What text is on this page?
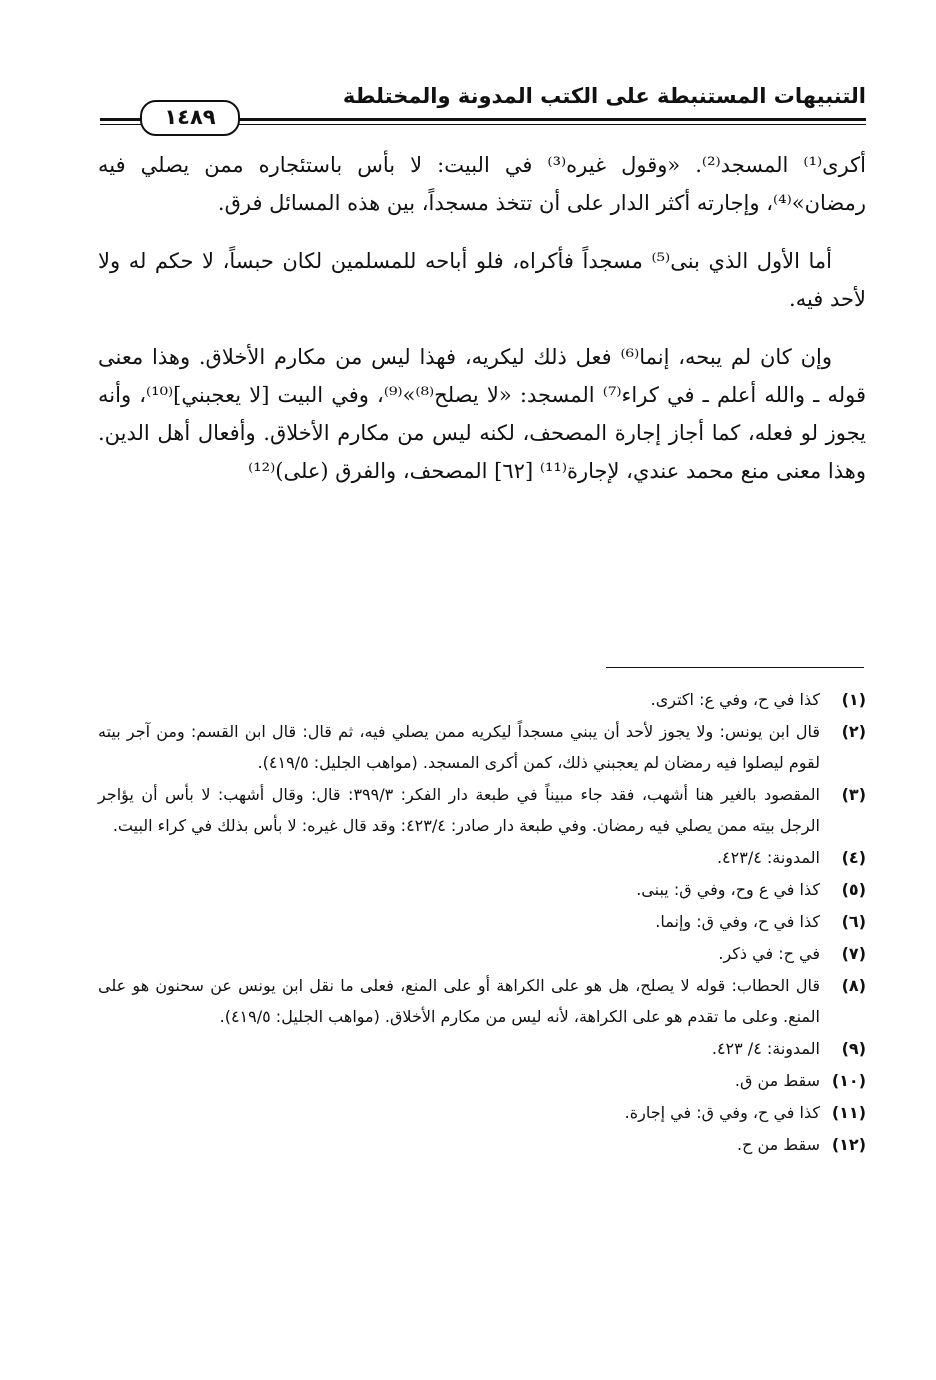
التنبيهات المستنبطة على الكتب المدونة والمختلطة
١٤٨٩

أكرى⁽¹⁾ المسجد⁽²⁾. «وقول غيره⁽³⁾ في البيت: لا بأس باستئجاره ممن يصلي فيه رمضان»⁽⁴⁾، وإجارته أكثر الدار على أن تتخذ مسجداً، بين هذه المسائل فرق.

أما الأول الذي بنى⁽⁵⁾ مسجداً فأكراه، فلو أباحه للمسلمين لكان حبساً، لا حكم له ولا لأحد فيه.

وإن كان لم يبحه، إنما⁽⁶⁾ فعل ذلك ليكريه، فهذا ليس من مكارم الأخلاق. وهذا معنى قوله ـ والله أعلم ـ في كراء⁽⁷⁾ المسجد: «لا يصلح⁽⁸⁾»⁽⁹⁾، وفي البيت [لا يعجبني]⁽¹⁰⁾، وأنه يجوز لو فعله، كما أجاز إجارة المصحف، لكنه ليس من مكارم الأخلاق. وأفعال أهل الدين. وهذا معنى منع محمد عندي، لإجارة⁽¹¹⁾ [٦٢] المصحف، والفرق (على)⁽¹²⁾

(١)
كذا في ح، وفي ع: اكترى.
(٢)
قال ابن يونس: ولا يجوز لأحد أن يبني مسجداً ليكريه ممن يصلي فيه، ثم قال: قال ابن القسم: ومن آجر بيته لقوم ليصلوا فيه رمضان لم يعجبني ذلك، كمن أكرى المسجد. (مواهب الجليل: ٤١٩/٥).
(٣)
المقصود بالغير هنا أشهب، فقد جاء مبيناً في طبعة دار الفكر: ٣٩٩/٣: قال: وقال أشهب: لا بأس أن يؤاجر الرجل بيته ممن يصلي فيه رمضان. وفي طبعة دار صادر: ٤٢٣/٤: وقد قال غيره: لا بأس بذلك في كراء البيت.
(٤)
المدونة: ٤٢٣/٤.
(٥)
كذا في ع وح، وفي ق: يبنى.
(٦)
كذا في ح، وفي ق: وإنما.
(٧)
في ح: في ذكر.
(٨)
قال الحطاب: قوله لا يصلح، هل هو على الكراهة أو على المنع، فعلى ما نقل ابن يونس عن سحنون هو على المنع. وعلى ما تقدم هو على الكراهة، لأنه ليس من مكارم الأخلاق. (مواهب الجليل: ٤١٩/٥).
(٩)
المدونة: ٤/ ٤٢٣.
(١٠)
سقط من ق.
(١١)
كذا في ح، وفي ق: في إجارة.
(١٢)
سقط من ح.
